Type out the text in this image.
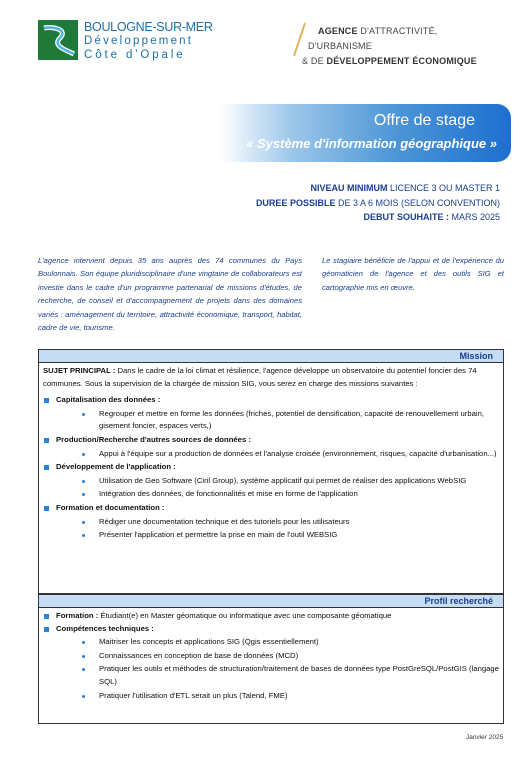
BOULOGNE-SUR-MER
Développement
Côte d'Opale
AGENCE D'ATTRACTIVITÉ,
D'URBANISME
& DE DÉVELOPPEMENT ÉCONOMIQUE
Offre de stage
« Système d'information géographique »
NIVEAU MINIMUM LICENCE 3 OU MASTER 1
DUREE POSSIBLE DE 3 A 6 MOIS (SELON CONVENTION)
DEBUT SOUHAITE : MARS 2025
L'agence intervient depuis 35 ans auprès des 74 communes du Pays Boulonnais. Son équipe pluridisciplinaire d'une vingtaine de collaborateurs est investie dans le cadre d'un programme partenarial de missions d'études, de recherche, de conseil et d'accompagnement de projets dans des domaines variés : aménagement du territoire, attractivité économique, transport, habitat, cadre de vie, tourisme.
Le stagiaire bénéficie de l'appui et de l'expérience du géomaticien de l'agence et des outils SIG et cartographie mis en œuvre.
Mission
SUJET PRINCIPAL : Dans le cadre de la loi climat et résilience, l'agence développe un observatoire du potentiel foncier des 74 communes. Sous la supervision de la chargée de mission SIG, vous serez en charge des missions suivantes :
Capitalisation des données :
Regrouper et mettre en forme les données (friches, potentiel de densification, capacité de renouvellement urbain, gisement foncier, espaces verts,)
Production/Recherche d'autres sources de données :
Appui à l'équipe sur a production de données et l'analyse croisée (environnement, risques, capacité d'urbanisation...)
Développement de l'application :
Utilisation de Geo Software (Ciril Group), système applicatif qui permet de réaliser des applications WebSIG
Intégration des données, de fonctionnalités et mise en forme de l'application
Formation et documentation :
Rédiger une documentation technique et des tutoriels pour les utilisateurs
Présenter l'application et permettre la prise en main de l'outil WEBSIG
Profil recherché
Formation : Étudiant(e) en Master géomatique ou informatique avec une composante géomatique
Compétences techniques :
Maitriser les concepts et applications SIG (Qgis essentiellement)
Connaissances en conception de base de données (MCD)
Pratiquer les outils et méthodes de structuration/traitement de bases de données type PostGreSQL/PostGIS (langage SQL)
Pratiquer l'utilisation d'ETL serait un plus (Talend, FME)
Janvier 2025
